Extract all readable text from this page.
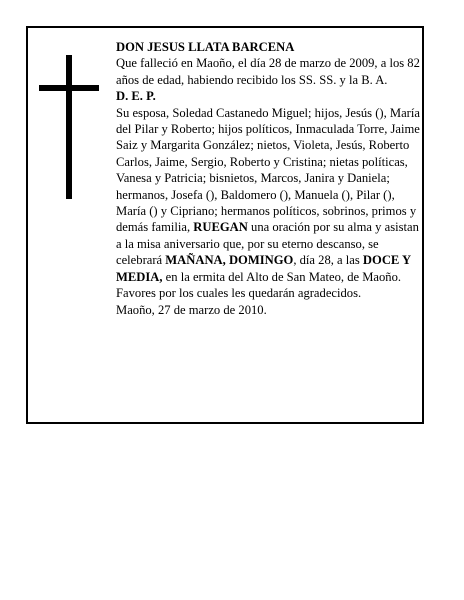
DON JESUS LLATA BARCENA

Que falleció en Maoño, el día 28 de marzo de 2009, a los 82 años de edad, habiendo recibido los SS. SS. y la B. A.

D. E. P.

Su esposa, Soledad Castanedo Miguel; hijos, Jesús (), María del Pilar y Roberto; hijos políticos, Inmaculada Torre, Jaime Saiz y Margarita González; nietos, Violeta, Jesús, Roberto Carlos, Jaime, Sergio, Roberto y Cristina; nietas políticas, Vanesa y Patricia; bisnietos, Marcos, Janira y Daniela; hermanos, Josefa (), Baldomero (), Manuela (), Pilar (), María () y Cipriano; hermanos políticos, sobrinos, primos y demás familia, RUEGAN una oración por su alma y asistan a la misa aniversario que, por su eterno descanso, se celebrará MAÑANA, DOMINGO, día 28, a las DOCE Y MEDIA, en la ermita del Alto de San Mateo, de Maoño. Favores por los cuales les quedarán agradecidos.

Maoño, 27 de marzo de 2010.
